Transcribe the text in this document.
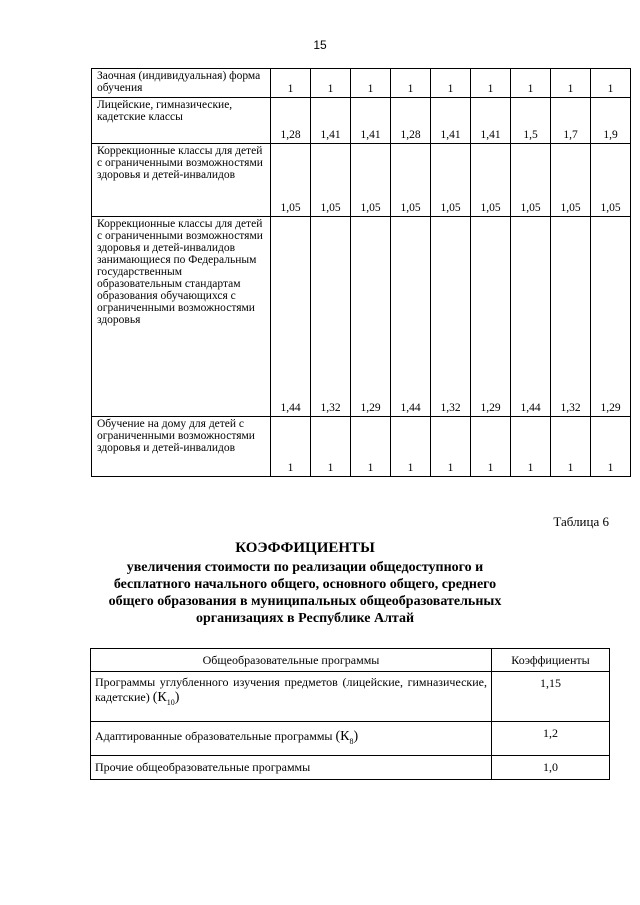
15
Заочная (индивидуальная) форма обучения	1	1	1	1	1	1	1	1	1
Лицейские, гимназические, кадетские классы	1,28	1,41	1,41	1,28	1,41	1,41	1,5	1,7	1,9
Коррекционные классы для детей с ограниченными возможностями здоровья и детей-инвалидов	1,05	1,05	1,05	1,05	1,05	1,05	1,05	1,05	1,05
Коррекционные классы для детей с ограниченными возможностями здоровья и детей-инвалидов занимающиеся по Федеральным государственным образовательным стандартам образования обучающихся с ограниченными возможностями здоровья	1,44	1,32	1,29	1,44	1,32	1,29	1,44	1,32	1,29
Обучение на дому для детей с ограниченными возможностями здоровья и детей-инвалидов	1	1	1	1	1	1	1	1	1
Таблица 6
КОЭФФИЦИЕНТЫ
увеличения стоимости по реализации общедоступного и бесплатного начального общего, основного общего, среднего общего образования в муниципальных общеобразовательных организациях в Республике Алтай
Общеобразовательные программы	Коэффициенты

Программы углубленного изучения предметов (лицейские, гимназические, кадетские) $(К_{10})$	1,15
Адаптированные образовательные программы $(К_8)$	1,2
Прочие общеобразовательные программы	1,0
